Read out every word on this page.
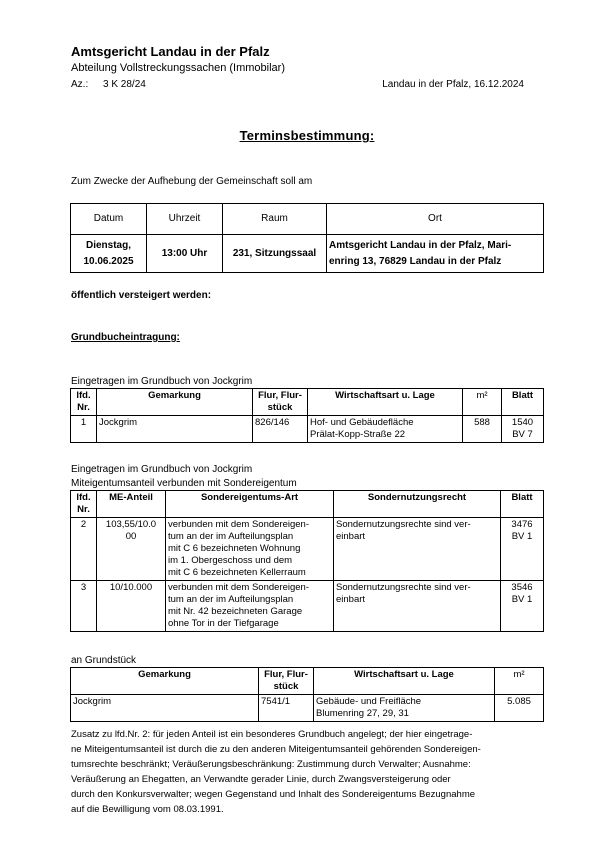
Amtsgericht Landau in der Pfalz
Abteilung Vollstreckungssachen (Immobilar)
Az.: 3 K 28/24	Landau in der Pfalz, 16.12.2024
Terminsbestimmung:
Zum Zwecke der Aufhebung der Gemeinschaft soll am
Datum	Uhrzeit	Raum	Ort
Dienstag,
10.06.2025	13:00 Uhr	231, Sitzungssaal	Amtsgericht Landau in der Pfalz, Mari-
enring 13, 76829 Landau in der Pfalz
öffentlich versteigert werden:
Grundbucheintragung:
Eingetragen im Grundbuch von Jockgrim
lfd.
Nr.	Gemarkung	Flur, Flur-
stück	Wirtschaftsart u. Lage	m²	Blatt
1	Jockgrim	826/146	Hof- und Gebäudefläche
Prälat-Kopp-Straße 22	588	1540
BV 7
Eingetragen im Grundbuch von Jockgrim
Miteigentumsanteil verbunden mit Sondereigentum
lfd.
Nr.	ME-Anteil	Sondereigentums-Art	Sondernutzungsrecht	Blatt
2	103,55/10.0
00	verbunden mit dem Sondereigen-
tum an der im Aufteilungsplan
mit C 6 bezeichneten Wohnung
im 1. Obergeschoss und dem
mit C 6 bezeichneten Kellerraum	Sondernutzungsrechte sind ver-
einbart	3476
BV 1
3	10/10.000	verbunden mit dem Sondereigen-
tum an der im Aufteilungsplan
mit Nr. 42 bezeichneten Garage
ohne Tor in der Tiefgarage	Sondernutzungsrechte sind ver-
einbart	3546
BV 1
an Grundstück
Gemarkung	Flur, Flur-
stück	Wirtschaftsart u. Lage	m²
Jockgrim	7541/1	Gebäude- und Freifläche
Blumenring 27, 29, 31	5.085
Zusatz zu lfd.Nr. 2: für jeden Anteil ist ein besonderes Grundbuch angelegt; der hier eingetrage-
ne Miteigentumsanteil ist durch die zu den anderen Miteigentumsanteil gehörenden Sondereigen-
tumsrechte beschränkt; Veräußerungsbeschränkung: Zustimmung durch Verwalter; Ausnahme:
Veräußerung an Ehegatten, an Verwandte gerader Linie, durch Zwangsversteigerung oder
durch den Konkursverwalter; wegen Gegenstand und Inhalt des Sondereigentums Bezugnahme
auf die Bewilligung vom 08.03.1991.
